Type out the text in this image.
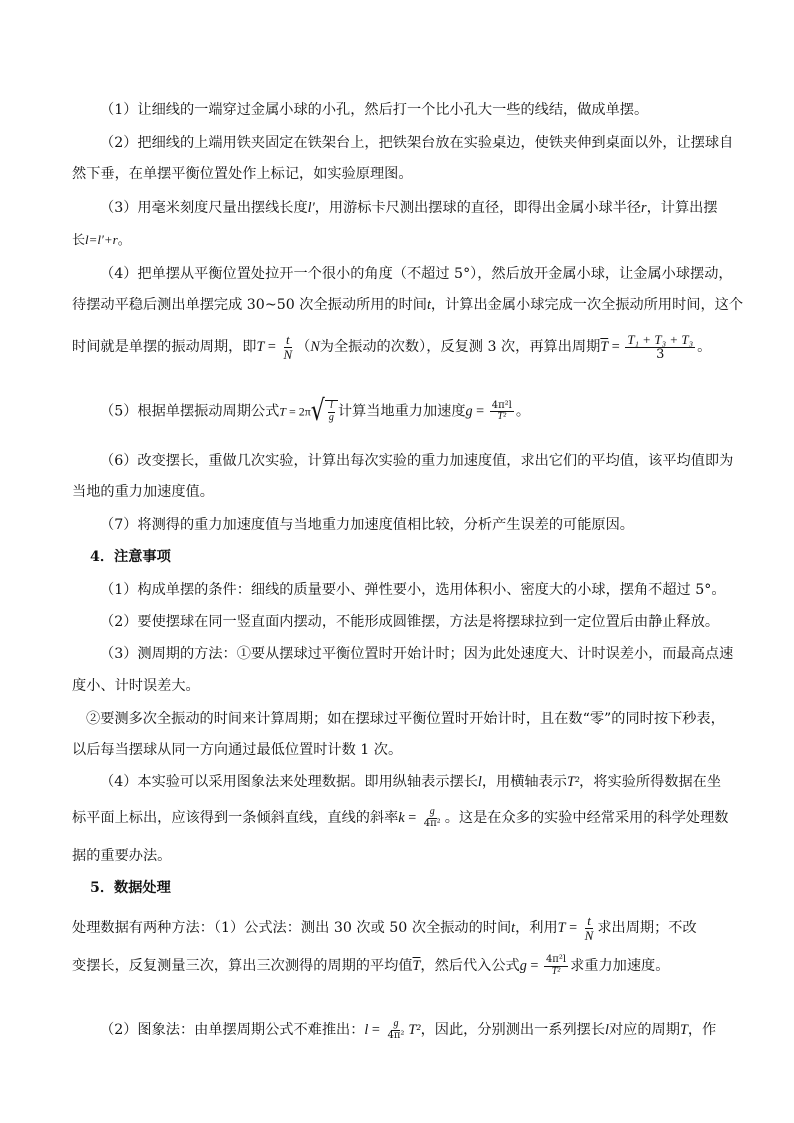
（1）让细线的一端穿过金属小球的小孔，然后打一个比小孔大一些的线结，做成单摆。
（2）把细线的上端用铁夹固定在铁架台上，把铁架台放在实验桌边，使铁夹伸到桌面以外，让摆球自
然下垂，在单摆平衡位置处作上标记，如实验原理图。
（3）用毫米刻度尺量出摆线长度l′，用游标卡尺测出摆球的直径，即得出金属小球半径r，计算出摆
长l=l′+r。
（4）把单摆从平衡位置处拉开一个很小的角度（不超过 5°），然后放开金属小球，让金属小球摆动，
待摆动平稳后测出单摆完成 30~50 次全振动所用的时间t，计算出金属小球完成一次全振动所用时间，这个
时间就是单摆的振动周期，即$T = \frac{t}{N} (N$为全振动的次数），反复测 3 次，再算出周期$\overline{T} = \frac{\text{T₁ + T₃ + T₃}}{3}$ 。
（5）根据单摆振动周期公式T = 2π √ $\frac{l}{g}$ 计算当地重力加速度$g = \frac{\text{4π²l}}{\text{T²}}$ 。
（6）改变摆长，重做几次实验，计算出每次实验的重力加速度值，求出它们的平均值，该平均值即为
当地的重力加速度值。
（7）将测得的重力加速度值与当地重力加速度值相比较，分析产生误差的可能原因。
4．注意事项
（1）构成单摆的条件：细线的质量要小、弹性要小，选用体积小、密度大的小球，摆角不超过 5°。
（2）要使摆球在同一竖直面内摆动，不能形成圆锥摆，方法是将摆球拉到一定位置后由静止释放。
（3）测周期的方法：①要从摆球过平衡位置时开始计时；因为此处速度大、计时误差小，而最高点速
度小、计时误差大。
②要测多次全振动的时间来计算周期；如在摆球过平衡位置时开始计时，且在数“零”的同时按下秒表，
以后每当摆球从同一方向通过最低位置时计数 1 次。
（4）本实验可以采用图象法来处理数据。即用纵轴表示摆长l，用横轴表示T²，将实验所得数据在坐
标平面上标出，应该得到一条倾斜直线，直线的斜率$k = \frac{g}{\text{4π²}}$ 。这是在众多的实验中经常采用的科学处理数
据的重要办法。
5．数据处理
处理数据有两种方法：（1）公式法：测出 30 次或 50 次全振动的时间t，利用$T = \frac{t}{N}$ 求出周期；不改
变摆长，反复测量三次，算出三次测得的周期的平均值$\overline{T}$，然后代入公式$g = \frac{\text{4π²l}}{\text{T²}}$ 求重力加速度。
（2）图象法：由单摆周期公式不难推出：$l = \frac{g}{\text{4π²}} T^2$，因此，分别测出一系列摆长l对应的周期T，作
